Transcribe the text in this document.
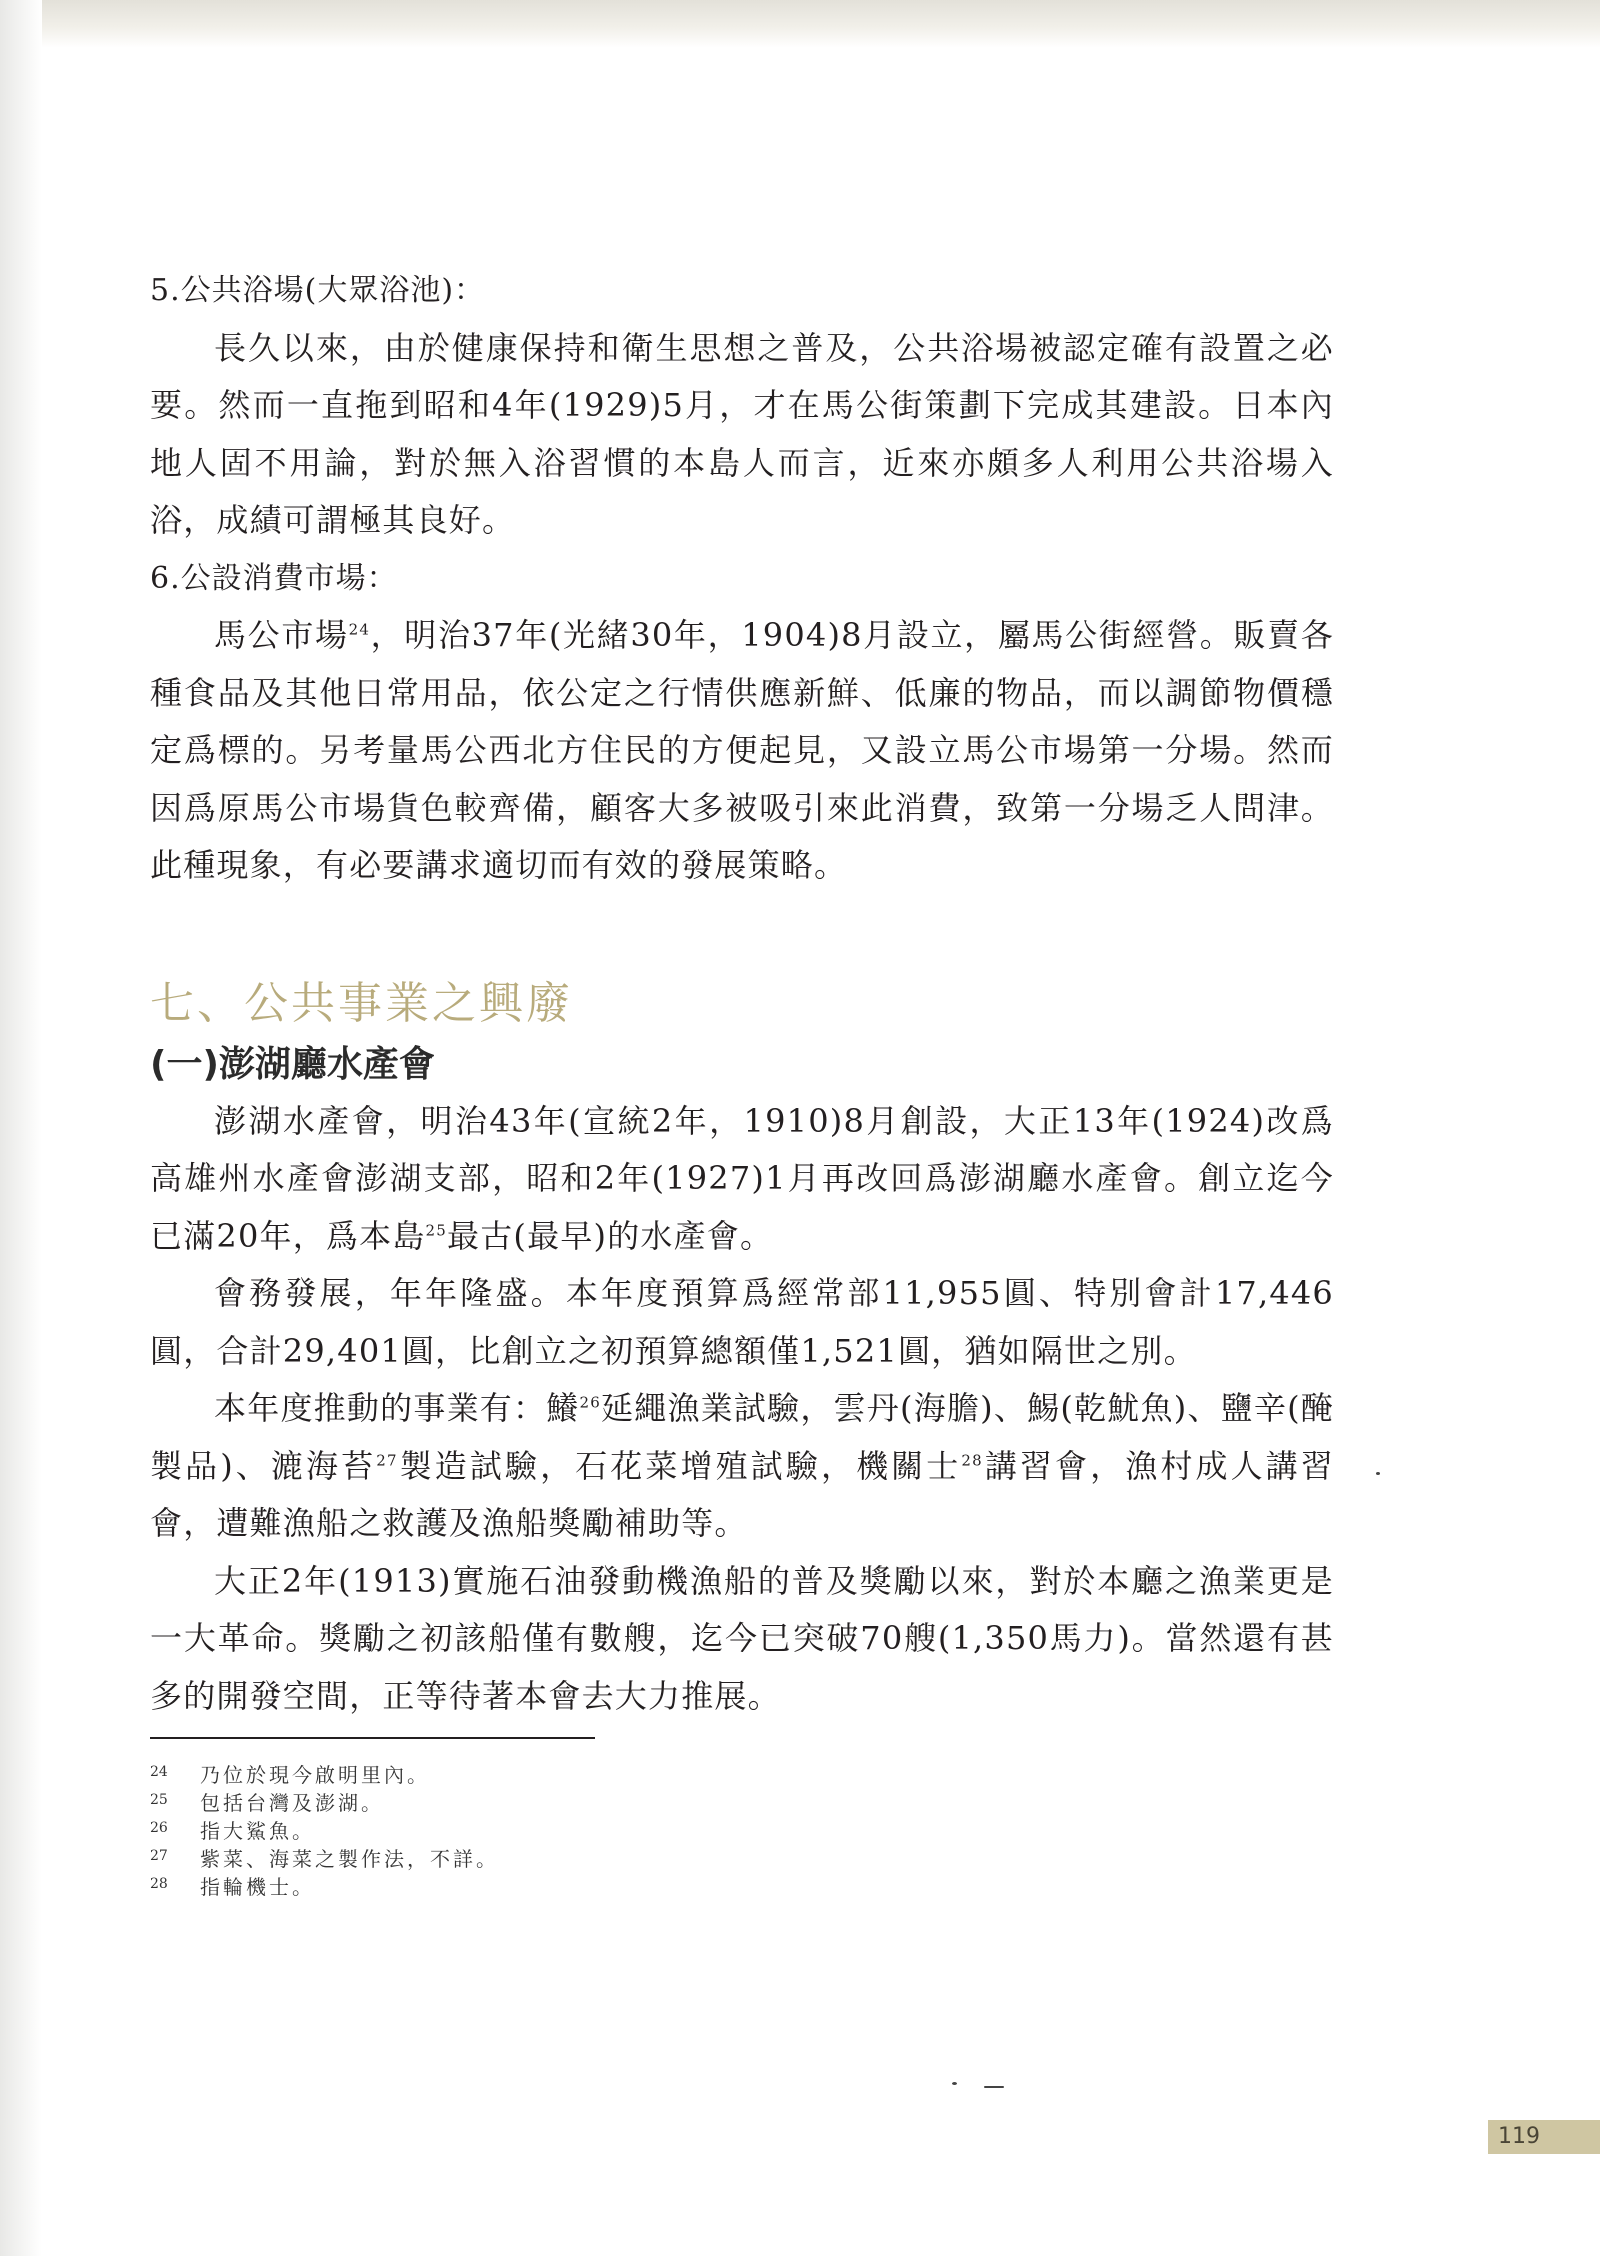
5.公共浴場(大眾浴池)：

長久以來，由於健康保持和衛生思想之普及，公共浴場被認定確有設置之必要。然而一直拖到昭和4年(1929)5月，才在馬公街策劃下完成其建設。日本內地人固不用論，對於無入浴習慣的本島人而言，近來亦頗多人利用公共浴場入浴，成績可謂極其良好。

6.公設消費市場：

馬公市場$^{24}$，明治37年(光緒30年，1904)8月設立，屬馬公街經營。販賣各種食品及其他日常用品，依公定之行情供應新鮮、低廉的物品，而以調節物價穩定爲標的。另考量馬公西北方住民的方便起見，又設立馬公市場第一分場。然而因爲原馬公市場貨色較齊備，顧客大多被吸引來此消費，致第一分場乏人問津。此種現象，有必要講求適切而有效的發展策略。

七、公共事業之興廢
(一)澎湖廳水產會

澎湖水產會，明治43年(宣統2年，1910)8月創設，大正13年(1924)改爲高雄州水產會澎湖支部，昭和2年(1927)1月再改回爲澎湖廳水產會。創立迄今已滿20年，爲本島$^{25}$最古(最早)的水產會。

會務發展，年年隆盛。本年度預算爲經常部11,955圓、特別會計17,446圓，合計29,401圓，比創立之初預算總額僅1,521圓，猶如隔世之別。

本年度推動的事業有：鱶$^{26}$延繩漁業試驗，雲丹(海膽)、鯣(乾魷魚)、鹽辛(醃製品)、漉海苔$^{27}$製造試驗，石花菜增殖試驗，機關士$^{28}$講習會，漁村成人講習會，遭難漁船之救護及漁船獎勵補助等。

大正2年(1913)實施石油發動機漁船的普及獎勵以來，對於本廳之漁業更是一大革命。獎勵之初該船僅有數艘，迄今已突破70艘(1,350馬力)。當然還有甚多的開發空間，正等待著本會去大力推展。

24	乃位於現今啟明里內。
25	包括台灣及澎湖。
26	指大鯊魚。
27	紫菜、海菜之製作法，不詳。
28	指輪機士。
119
